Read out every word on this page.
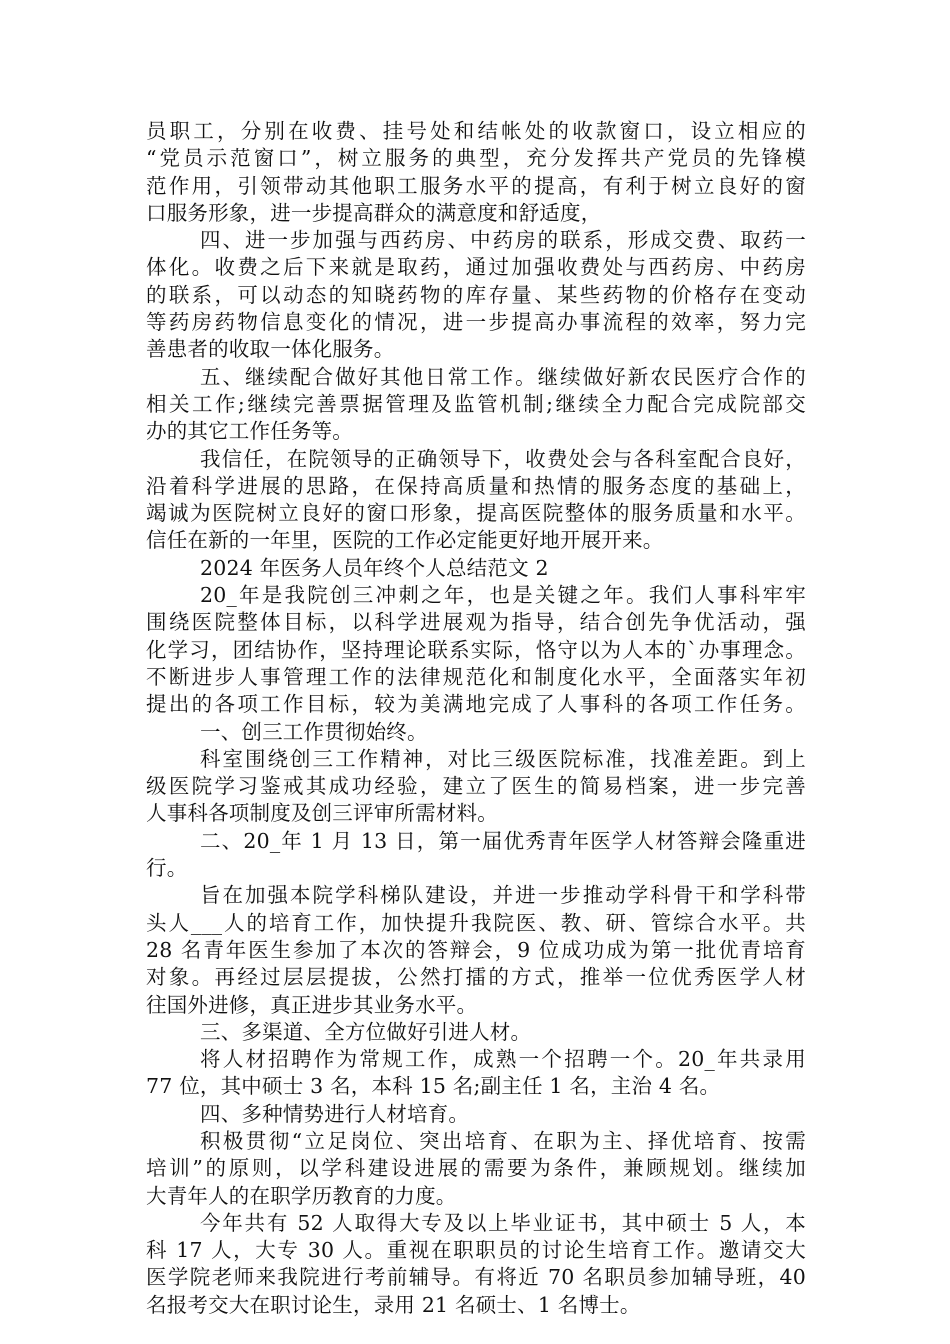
员职工，分别在收费、挂号处和结帐处的收款窗口，设立相应的
“党员示范窗口”，树立服务的典型，充分发挥共产党员的先锋模
范作用，引领带动其他职工服务水平的提高，有利于树立良好的窗
口服务形象，进一步提高群众的满意度和舒适度，
四、进一步加强与西药房、中药房的联系，形成交费、取药一
体化。收费之后下来就是取药，通过加强收费处与西药房、中药房
的联系，可以动态的知晓药物的库存量、某些药物的价格存在变动
等药房药物信息变化的情况，进一步提高办事流程的效率，努力完
善患者的收取一体化服务。
五、继续配合做好其他日常工作。继续做好新农民医疗合作的
相关工作;继续完善票据管理及监管机制;继续全力配合完成院部交
办的其它工作任务等。
我信任，在院领导的正确领导下，收费处会与各科室配合良好，
沿着科学进展的思路，在保持高质量和热情的服务态度的基础上，
竭诚为医院树立良好的窗口形象，提高医院整体的服务质量和水平。
信任在新的一年里，医院的工作必定能更好地开展开来。
2024 年医务人员年终个人总结范文 2
20_年是我院创三冲刺之年，也是关键之年。我们人事科牢牢
围绕医院整体目标，以科学进展观为指导，结合创先争优活动，强
化学习，团结协作，坚持理论联系实际，恪守以为人本的`办事理念。
不断进步人事管理工作的法律规范化和制度化水平，全面落实年初
提出的各项工作目标，较为美满地完成了人事科的各项工作任务。
一、创三工作贯彻始终。
科室围绕创三工作精神，对比三级医院标准，找准差距。到上
级医院学习鉴戒其成功经验，建立了医生的简易档案，进一步完善
人事科各项制度及创三评审所需材料。
二、20_年 1 月 13 日，第一届优秀青年医学人材答辩会隆重进
行。
旨在加强本院学科梯队建设，并进一步推动学科骨干和学科带
头人___人的培育工作，加快提升我院医、教、研、管综合水平。共
28 名青年医生参加了本次的答辩会，9 位成功成为第一批优青培育
对象。再经过层层提拔，公然打擂的方式，推举一位优秀医学人材
往国外进修，真正进步其业务水平。
三、多渠道、全方位做好引进人材。
将人材招聘作为常规工作，成熟一个招聘一个。20_年共录用
77 位，其中硕士 3 名，本科 15 名;副主任 1 名，主治 4 名。
四、多种情势进行人材培育。
积极贯彻“立足岗位、突出培育、在职为主、择优培育、按需
培训”的原则，以学科建设进展的需要为条件，兼顾规划。继续加
大青年人的在职学历教育的力度。
今年共有 52 人取得大专及以上毕业证书，其中硕士 5 人，本
科 17 人，大专 30 人。重视在职职员的讨论生培育工作。邀请交大
医学院老师来我院进行考前辅导。有将近 70 名职员参加辅导班，40
名报考交大在职讨论生，录用 21 名硕士、1 名博士。
